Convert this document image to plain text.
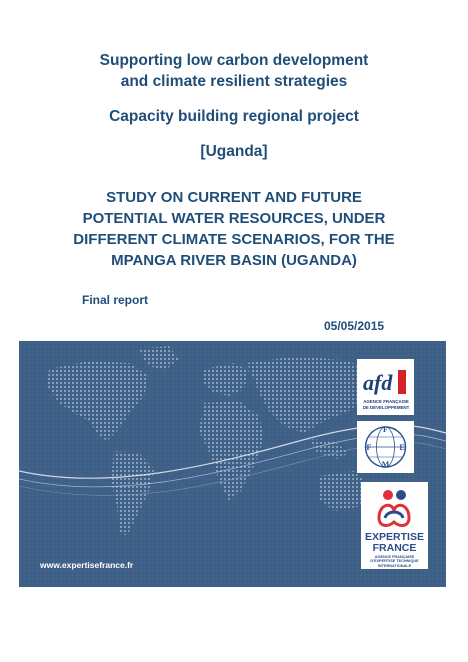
Supporting low carbon development
and climate resilient strategies
Capacity building regional project
[Uganda]
STUDY ON CURRENT AND FUTURE
POTENTIAL WATER RESOURCES, UNDER
DIFFERENT CLIMATE SCENARIOS, FOR THE
MPANGA RIVER BASIN (UGANDA)
Final report
05/05/2015
www.expertisefrance.fr
afd
AGENCE FRANÇAISE
DE DÉVELOPPEMENT
F
F	E
M
EXPERTISE
FRANCE
AGENCE FRANÇAISE
D'EXPERTISE TECHNIQUE
INTERNATIONALE
